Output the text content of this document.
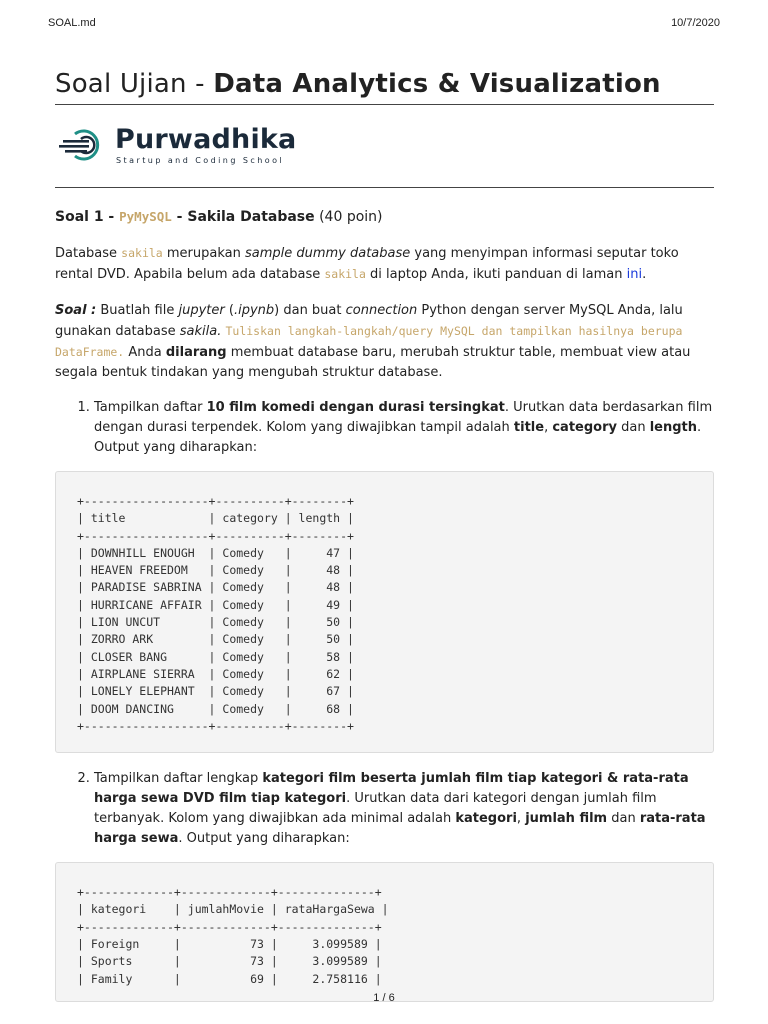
SOAL.md	10/7/2020
Soal Ujian - Data Analytics & Visualization
Purwadhika
Startup and Coding School
Soal 1 - PyMySQL - Sakila Database (40 poin)

Database sakila merupakan sample dummy database yang menyimpan informasi seputar toko rental DVD. Apabila belum ada database sakila di laptop Anda, ikuti panduan di laman ini.

Soal : Buatlah file jupyter (.ipynb) dan buat connection Python dengan server MySQL Anda, lalu gunakan database sakila. Tuliskan langkah-langkah/query MySQL dan tampilkan hasilnya berupa DataFrame. Anda dilarang membuat database baru, merubah struktur table, membuat view atau segala bentuk tindakan yang mengubah struktur database.

1. Tampilkan daftar 10 film komedi dengan durasi tersingkat. Urutkan data berdasarkan film dengan durasi terpendek. Kolom yang diwajibkan tampil adalah title, category dan length. Output yang diharapkan:
+------------------+----------+--------+
| title            | category | length |
+------------------+----------+--------+
| DOWNHILL ENOUGH  | Comedy   |     47 |
| HEAVEN FREEDOM   | Comedy   |     48 |
| PARADISE SABRINA | Comedy   |     48 |
| HURRICANE AFFAIR | Comedy   |     49 |
| LION UNCUT       | Comedy   |     50 |
| ZORRO ARK        | Comedy   |     50 |
| CLOSER BANG      | Comedy   |     58 |
| AIRPLANE SIERRA  | Comedy   |     62 |
| LONELY ELEPHANT  | Comedy   |     67 |
| DOOM DANCING     | Comedy   |     68 |
+------------------+----------+--------+
2. Tampilkan daftar lengkap kategori film beserta jumlah film tiap kategori & rata-rata harga sewa DVD film tiap kategori. Urutkan data dari kategori dengan jumlah film terbanyak. Kolom yang diwajibkan ada minimal adalah kategori, jumlah film dan rata-rata harga sewa. Output yang diharapkan:
+-------------+-------------+--------------+
| kategori    | jumlahMovie | rataHargaSewa |
+-------------+-------------+--------------+
| Foreign     |          73 |     3.099589 |
| Sports      |          73 |     3.099589 |
| Family      |          69 |     2.758116 |
1 / 6
